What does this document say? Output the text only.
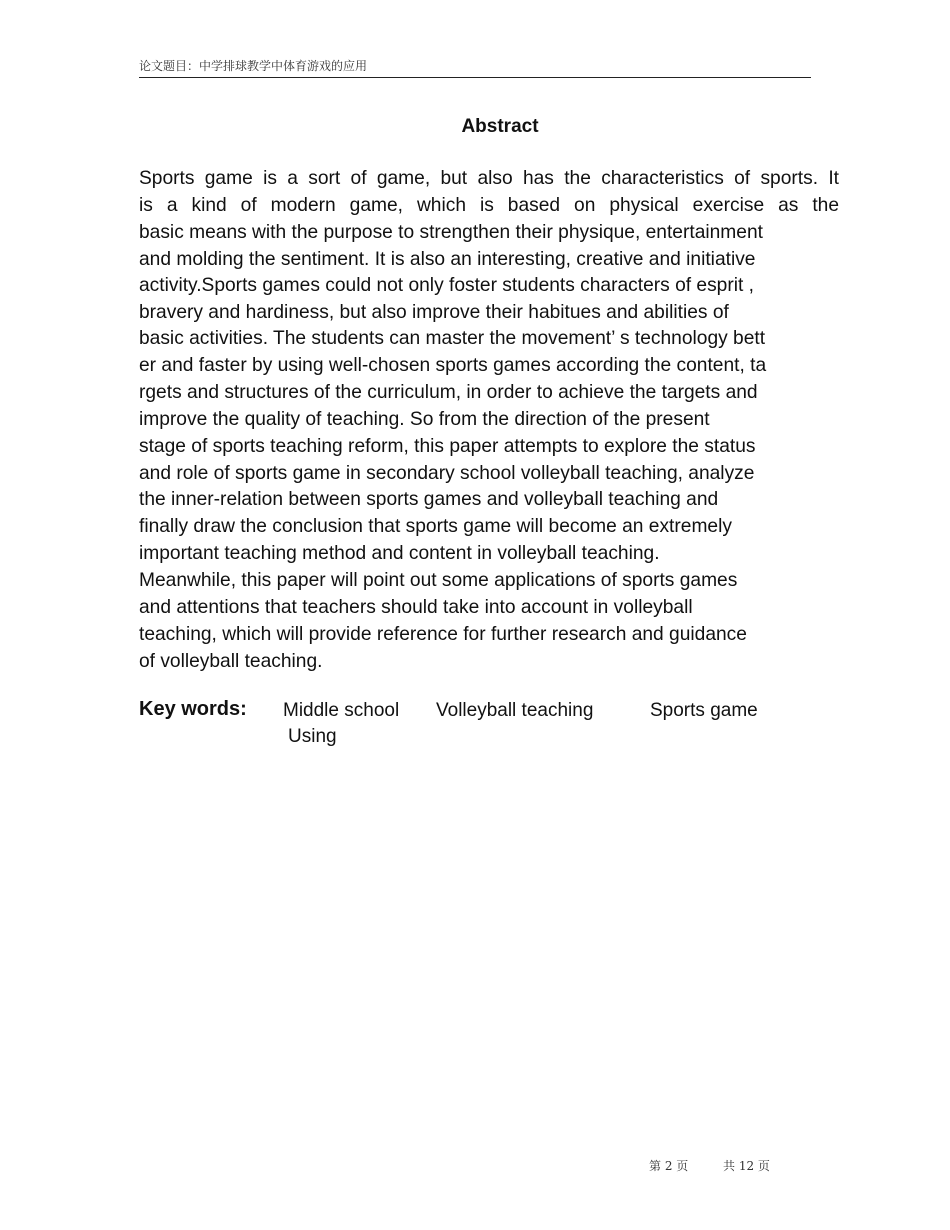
论文题目：中学排球教学中体育游戏的应用
Abstract
Sports game is a sort of game, but also has the characteristics of sports. It
is a kind of modern game, which is based on physical exercise as the
basic means with the purpose to strengthen their physique, entertainment
and molding the sentiment. It is also an interesting, creative and initiative
activity.Sports games could not only foster students characters of esprit ,
bravery and hardiness, but also improve their habitues and abilities of
basic activities. The students can master the movement’ s technology bett
er and faster by using well-chosen sports games according the content, ta
rgets and structures of the curriculum, in order to achieve the targets and
improve the quality of teaching. So from the direction of the present
stage of sports teaching reform, this paper attempts to explore the status
and role of sports game in secondary school volleyball teaching, analyze
the inner-relation between sports games and volleyball teaching and
finally draw the conclusion that sports game will become an extremely
important teaching method and content in volleyball teaching.
Meanwhile, this paper will point out some applications of sports games
and attentions that teachers should take into account in volleyball
teaching, which will provide reference for further research and guidance
of volleyball teaching.
Key words: Middle school Volleyball teaching	Sports game
Using
第 2 页	共 12 页
